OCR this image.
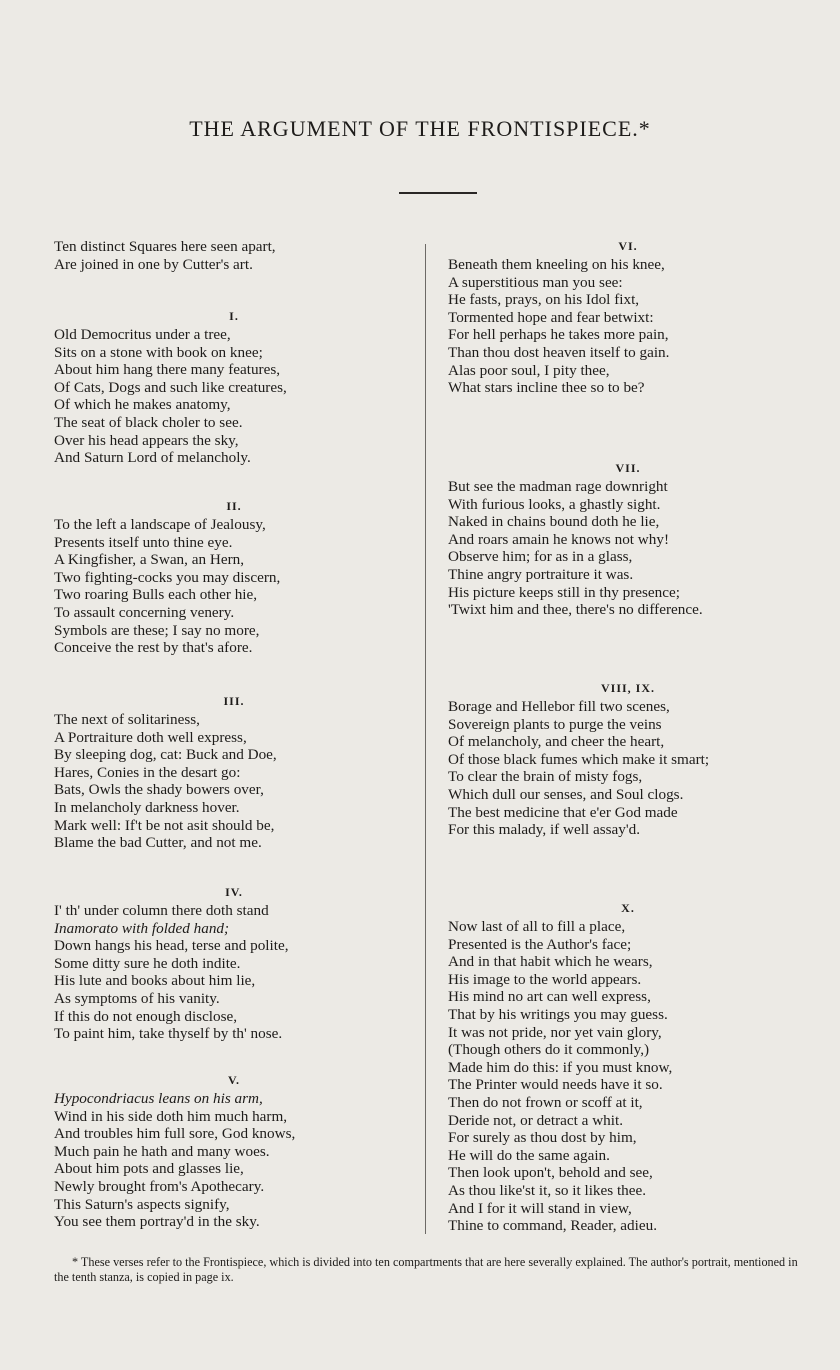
THE ARGUMENT OF THE FRONTISPIECE.*
Ten distinct Squares here seen apart,
Are joined in one by Cutter's art.
I.
Old Democritus under a tree,
Sits on a stone with book on knee;
About him hang there many features,
Of Cats, Dogs and such like creatures,
Of which he makes anatomy,
The seat of black choler to see.
Over his head appears the sky,
And Saturn Lord of melancholy.
II.
To the left a landscape of Jealousy,
Presents itself unto thine eye.
A Kingfisher, a Swan, an Hern,
Two fighting-cocks you may discern,
Two roaring Bulls each other hie,
To assault concerning venery.
Symbols are these; I say no more,
Conceive the rest by that's afore.
III.
The next of solitariness,
A Portraiture doth well express,
By sleeping dog, cat: Buck and Doe,
Hares, Conies in the desart go:
Bats, Owls the shady bowers over,
In melancholy darkness hover.
Mark well: If't be not asit should be,
Blame the bad Cutter, and not me.
IV.
I' th' under column there doth stand
Inamorato with folded hand;
Down hangs his head, terse and polite,
Some ditty sure he doth indite.
His lute and books about him lie,
As symptoms of his vanity.
If this do not enough disclose,
To paint him, take thyself by th' nose.
V.
Hypocondriacus leans on his arm,
Wind in his side doth him much harm,
And troubles him full sore, God knows,
Much pain he hath and many woes.
About him pots and glasses lie,
Newly brought from's Apothecary.
This Saturn's aspects signify,
You see them portray'd in the sky.
VI.
Beneath them kneeling on his knee,
A superstitious man you see:
He fasts, prays, on his Idol fixt,
Tormented hope and fear betwixt:
For hell perhaps he takes more pain,
Than thou dost heaven itself to gain.
Alas poor soul, I pity thee,
What stars incline thee so to be?
VII.
But see the madman rage downright
With furious looks, a ghastly sight.
Naked in chains bound doth he lie,
And roars amain he knows not why!
Observe him; for as in a glass,
Thine angry portraiture it was.
His picture keeps still in thy presence;
'Twixt him and thee, there's no difference.
VIII, IX.
Borage and Hellebor fill two scenes,
Sovereign plants to purge the veins
Of melancholy, and cheer the heart,
Of those black fumes which make it smart;
To clear the brain of misty fogs,
Which dull our senses, and Soul clogs.
The best medicine that e'er God made
For this malady, if well assay'd.
X.
Now last of all to fill a place,
Presented is the Author's face;
And in that habit which he wears,
His image to the world appears.
His mind no art can well express,
That by his writings you may guess.
It was not pride, nor yet vain glory,
(Though others do it commonly,)
Made him do this: if you must know,
The Printer would needs have it so.
Then do not frown or scoff at it,
Deride not, or detract a whit.
For surely as thou dost by him,
He will do the same again.
Then look upon't, behold and see,
As thou like'st it, so it likes thee.
And I for it will stand in view,
Thine to command, Reader, adieu.
* These verses refer to the Frontispiece, which is divided into ten compartments that are here severally explained. The author's portrait, mentioned in the tenth stanza, is copied in page ix.
